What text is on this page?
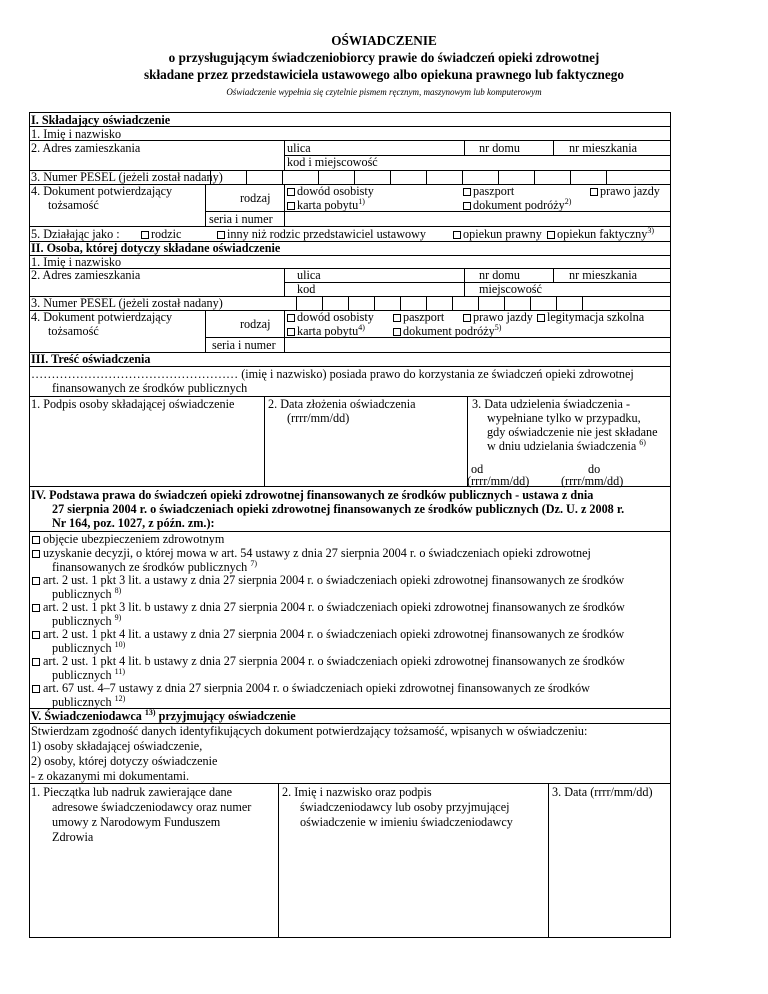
OŚWIADCZENIE
o przysługującym świadczeniobiorcy prawie do świadczeń opieki zdrowotnej
składane przez przedstawiciela ustawowego albo opiekuna prawnego lub faktycznego
Oświadczenie wypełnia się czytelnie pismem ręcznym, maszynowym lub komputerowym
I. Składający oświadczenie
1. Imię i nazwisko
2. Adres zamieszkania	ulica	nr domu	nr mieszkania
kod i miejscowość
3. Numer PESEL (jeżeli został nadany)
4. Dokument potwierdzający
tożsamość	rodzaj dowód osobisty	paszport	prawo jazdy
karta pobytu$^{1)}$	dokument podróży$^{2)}$
seria i numer
5. Działając jako :	rodzic	inny niż rodzic przedstawiciel ustawowy	opiekun prawny opiekun faktyczny$^{3)}$
II. Osoba, której dotyczy składane oświadczenie
1. Imię i nazwisko
2. Adres zamieszkania	ulica	nr domu	nr mieszkania
kod	miejscowość
3. Numer PESEL (jeżeli został nadany)
4. Dokument potwierdzający
tożsamość	rodzaj dowód osobisty paszport prawo jazdy legitymacja szkolna
karta pobytu$^{4)}$	dokument podróży$^{5)}$
seria i numer
III. Treść oświadczenia
…………………………………………… (imię i nazwisko) posiada prawo do korzystania ze świadczeń opieki zdrowotnej
finansowanych ze środków publicznych
1. Podpis osoby składającej oświadczenie	2. Data złożenia oświadczenia
(rrrr/mm/dd)
3. Data udzielenia świadczenia -
wypełniane tylko w przypadku,
gdy oświadczenie nie jest składane
w dniu udzielania świadczenia $^{6)}$
od	do
(rrrr/mm/dd)	(rrrr/mm/dd)
IV. Podstawa prawa do świadczeń opieki zdrowotnej finansowanych ze środków publicznych - ustawa z dnia
27 sierpnia 2004 r. o świadczeniach opieki zdrowotnej finansowanych ze środków publicznych (Dz. U. z 2008 r.
Nr 164, poz. 1027, z późn. zm.):
objęcie ubezpieczeniem zdrowotnym
uzyskanie decyzji, o której mowa w art. 54 ustawy z dnia 27 sierpnia 2004 r. o świadczeniach opieki zdrowotnej
finansowanych ze środków publicznych $^{7)}$
art. 2 ust. 1 pkt 3 lit. a ustawy z dnia 27 sierpnia 2004 r. o świadczeniach opieki zdrowotnej finansowanych ze środków
publicznych $^{8)}$
art. 2 ust. 1 pkt 3 lit. b ustawy z dnia 27 sierpnia 2004 r. o świadczeniach opieki zdrowotnej finansowanych ze środków
publicznych $^{9)}$
art. 2 ust. 1 pkt 4 lit. a ustawy z dnia 27 sierpnia 2004 r. o świadczeniach opieki zdrowotnej finansowanych ze środków
publicznych $^{10)}$
art. 2 ust. 1 pkt 4 lit. b ustawy z dnia 27 sierpnia 2004 r. o świadczeniach opieki zdrowotnej finansowanych ze środków
publicznych $^{11)}$
art. 67 ust. 4–7 ustawy z dnia 27 sierpnia 2004 r. o świadczeniach opieki zdrowotnej finansowanych ze środków
publicznych $^{12)}$
V. Świadczeniodawca $^{13)}$ przyjmujący oświadczenie
Stwierdzam zgodność danych identyfikujących dokument potwierdzający tożsamość, wpisanych w oświadczeniu:
1) osoby składającej oświadczenie,
2) osoby, której dotyczy oświadczenie
- z okazanymi mi dokumentami.
1. Pieczątka lub nadruk zawierające dane
adresowe świadczeniodawcy oraz numer
umowy z Narodowym Funduszem
Zdrowia
2. Imię i nazwisko oraz podpis
świadczeniodawcy lub osoby przyjmującej
oświadczenie w imieniu świadczeniodawcy
3. Data (rrrr/mm/dd)
